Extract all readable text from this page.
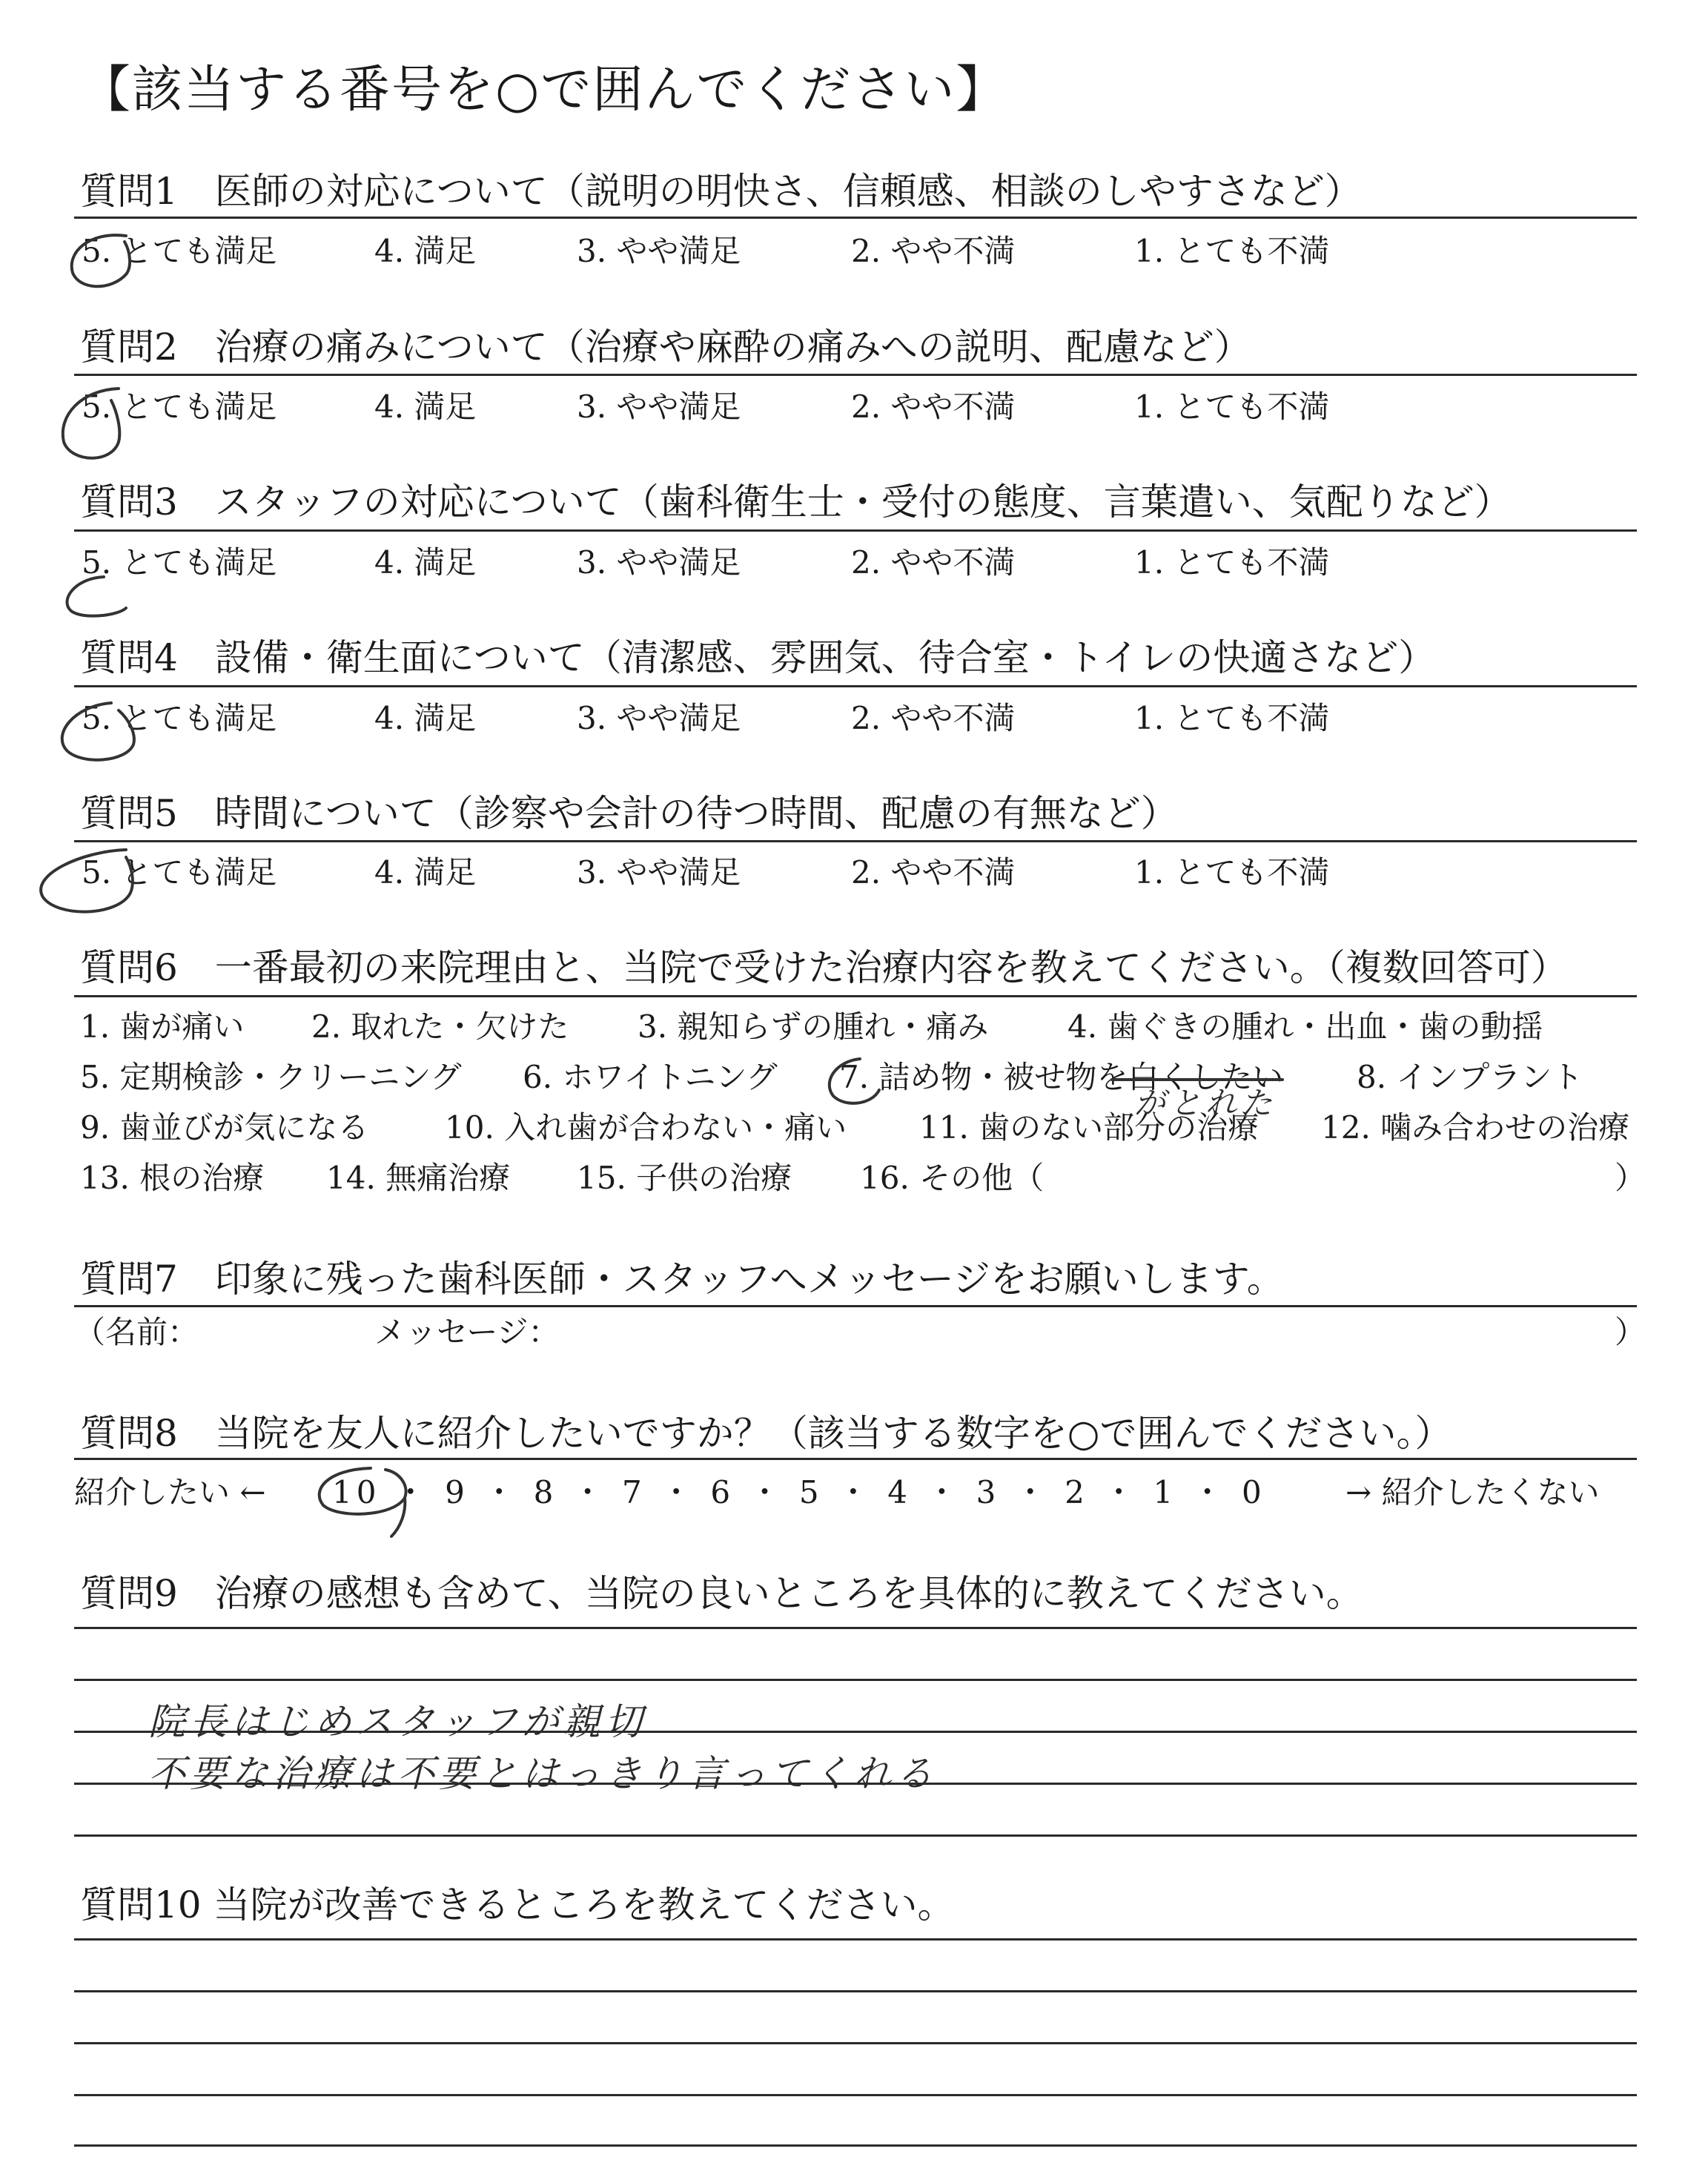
【該当する番号を○で囲んでください】
質問1　医師の対応について（説明の明快さ、信頼感、相談のしやすさなど）
5. とても満足	4. 満足	3. やや満足	2. やや不満	1. とても不満
質問2　治療の痛みについて（治療や麻酔の痛みへの説明、配慮など）
5. とても満足	4. 満足	3. やや満足	2. やや不満	1. とても不満
質問3　スタッフの対応について（歯科衛生士・受付の態度、言葉遣い、気配りなど）
5. とても満足	4. 満足	3. やや満足	2. やや不満	1. とても不満
質問4　設備・衛生面について（清潔感、雰囲気、待合室・トイレの快適さなど）
5. とても満足	4. 満足	3. やや満足	2. やや不満	1. とても不満
質問5　時間について（診察や会計の待つ時間、配慮の有無など）
5. とても満足	4. 満足	3. やや満足	2. やや不満	1. とても不満
質問6　一番最初の来院理由と、当院で受けた治療内容を教えてください。（複数回答可）
1. 歯が痛い 2. 取れた・欠けた 3. 親知らずの腫れ・痛み	4. 歯ぐきの腫れ・出血・歯の動揺
5. 定期検診・クリーニング 6. ホワイトニング 7. 詰め物・被せ物を白くしたい 8. インプラント
9. 歯並びが気になる 10. 入れ歯が合わない・痛い 11. 歯のない部分の治療 12. 噛み合わせの治療
13. 根の治療 14. 無痛治療 15. 子供の治療 16. その他（	）
がとれた
質問7　印象に残った歯科医師・スタッフへメッセージをお願いします。
（名前：	メッセージ：	）
質問8　当院を友人に紹介したいですか？（該当する数字を○で囲んでください。）
紹介したい ← 10 ・ 9 ・ 8 ・ 7 ・ 6 ・ 5 ・ 4 ・ 3 ・ 2 ・ 1 ・ 0	→ 紹介したくない
質問9　治療の感想も含めて、当院の良いところを具体的に教えてください。
院長はじめスタッフが親切
不要な治療は不要とはっきり言ってくれる
質問10 当院が改善できるところを教えてください。
